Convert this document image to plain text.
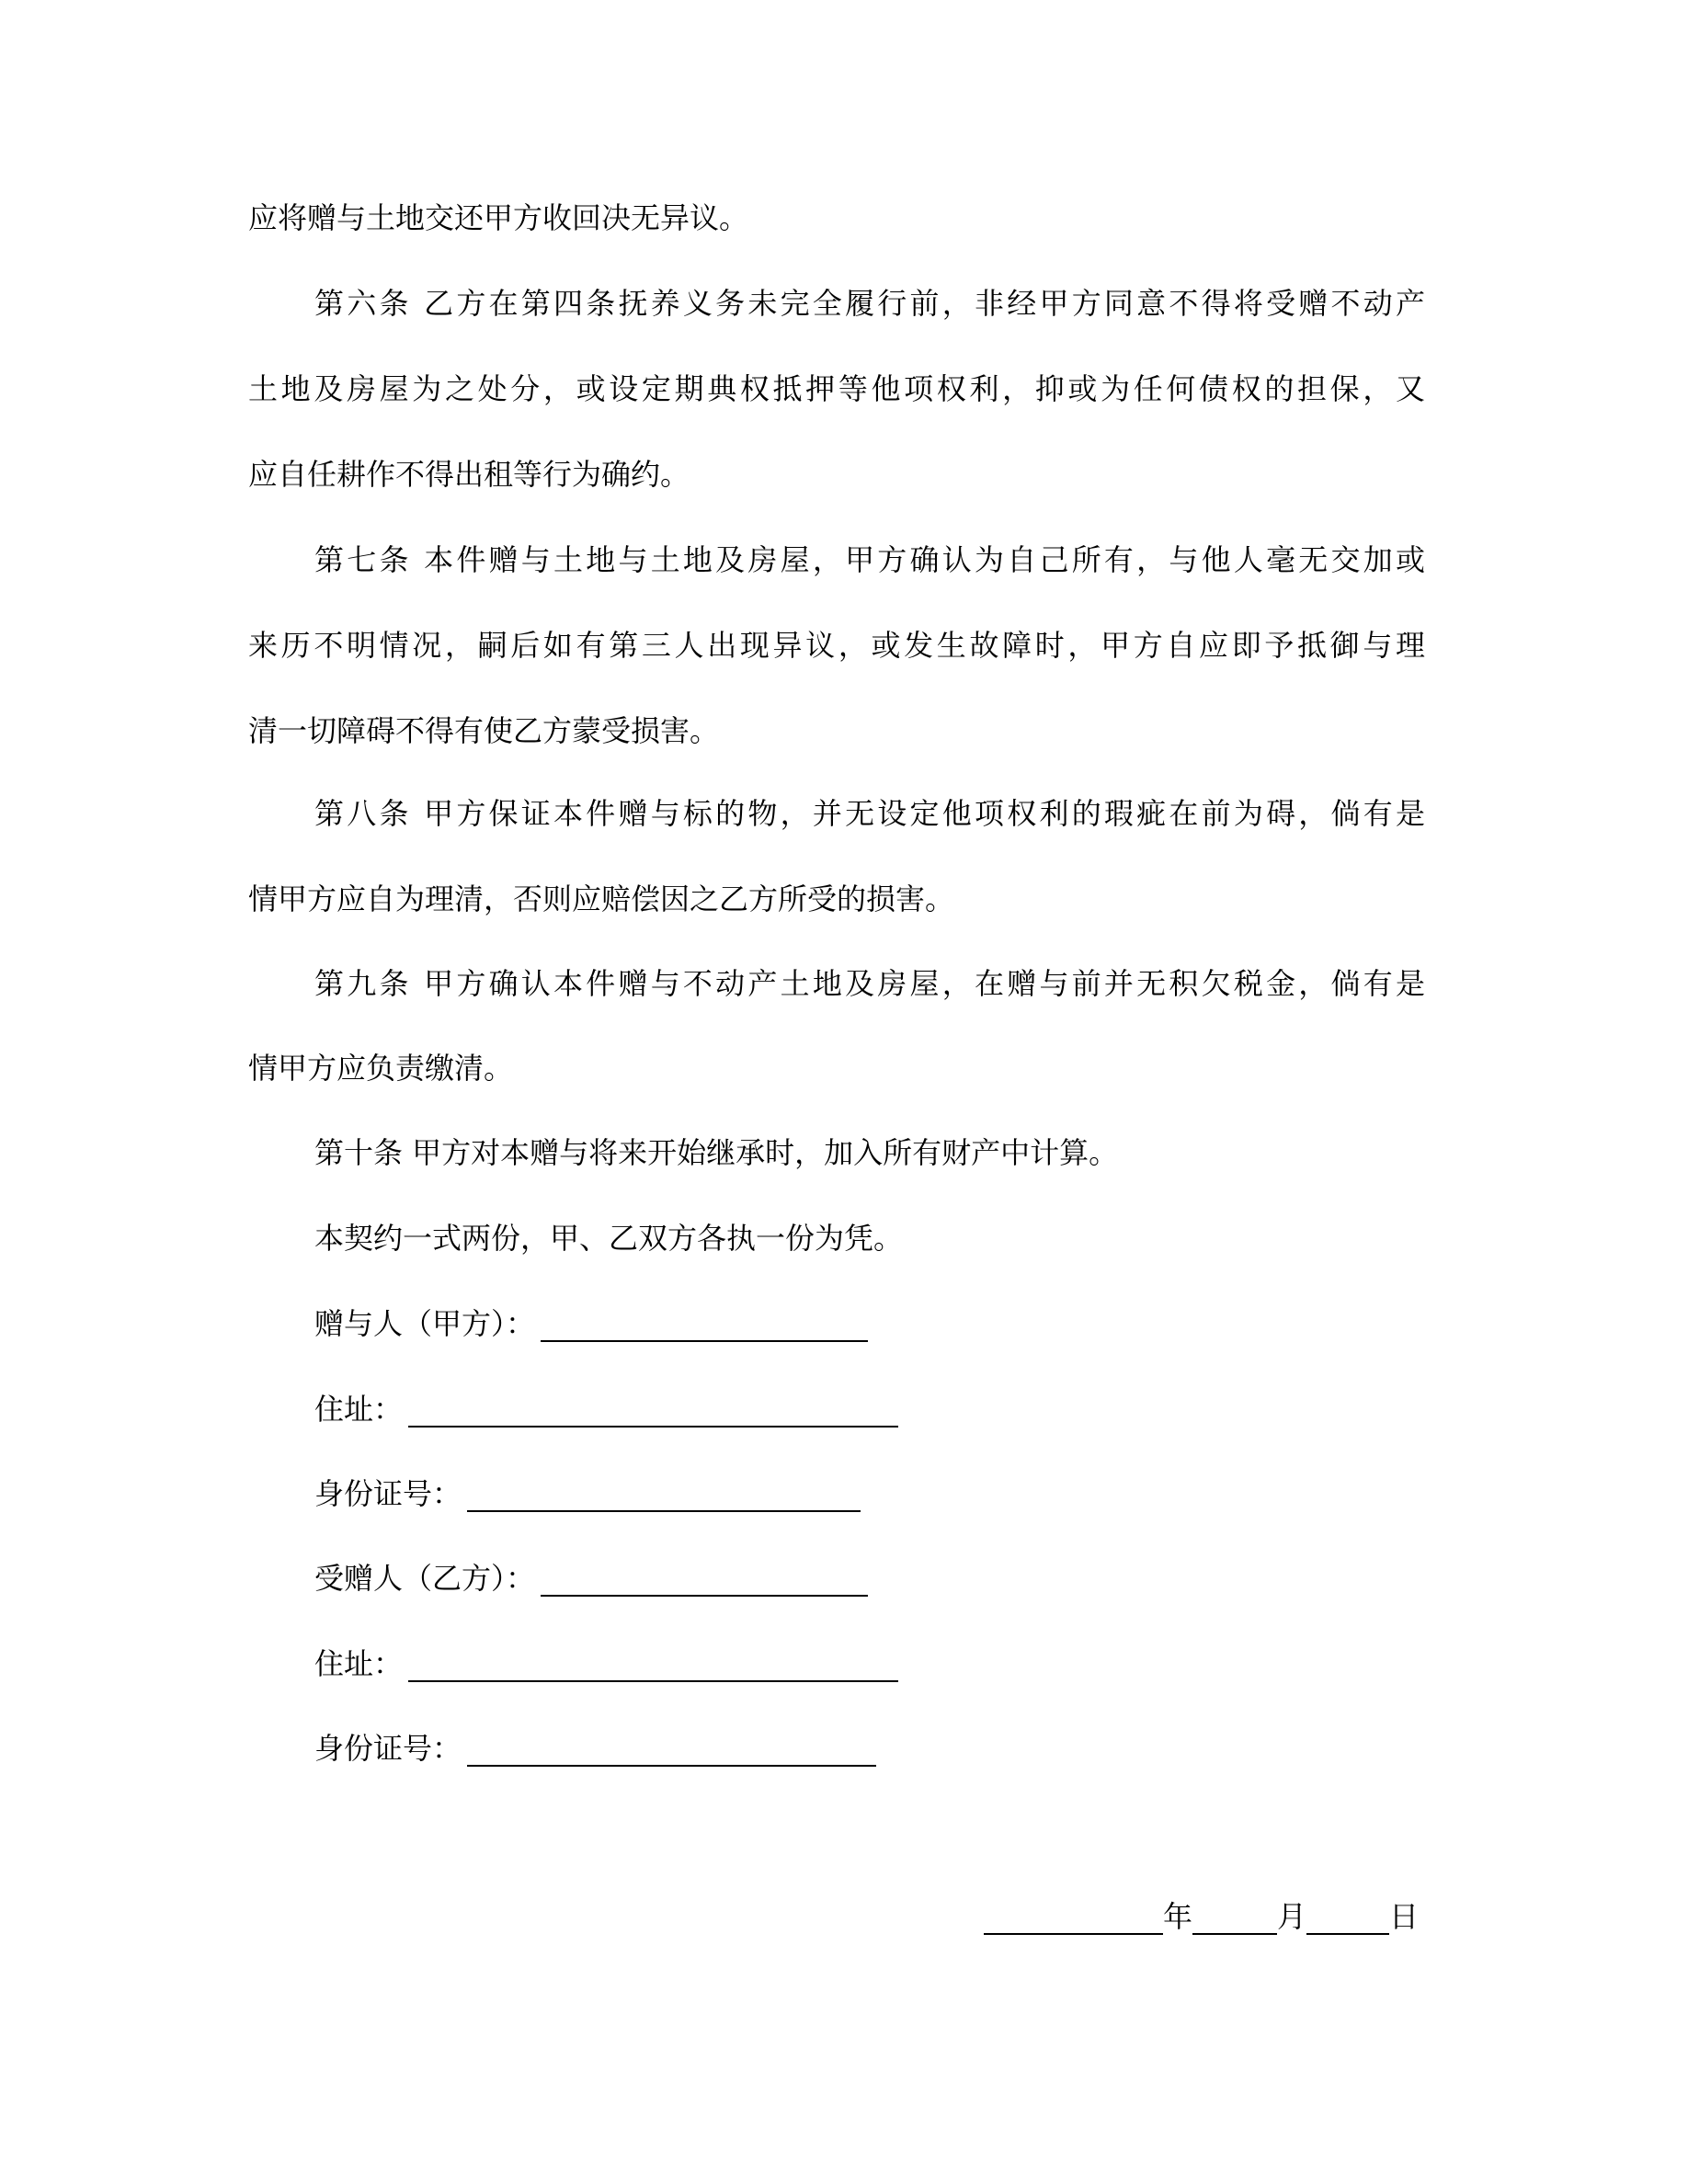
应将赠与土地交还甲方收回决无异议。
第六条 乙方在第四条抚养义务未完全履行前，非经甲方同意不得将受赠不动产
土地及房屋为之处分，或设定期典权抵押等他项权利，抑或为任何债权的担保，又
应自任耕作不得出租等行为确约。
第七条 本件赠与土地与土地及房屋，甲方确认为自己所有，与他人毫无交加或
来历不明情况，嗣后如有第三人出现异议，或发生故障时，甲方自应即予抵御与理
清一切障碍不得有使乙方蒙受损害。
第八条 甲方保证本件赠与标的物，并无设定他项权利的瑕疵在前为碍，倘有是
情甲方应自为理清，否则应赔偿因之乙方所受的损害。
第九条 甲方确认本件赠与不动产土地及房屋，在赠与前并无积欠税金，倘有是
情甲方应负责缴清。
第十条 甲方对本赠与将来开始继承时，加入所有财产中计算。
本契约一式两份，甲、乙双方各执一份为凭。
赠与人（甲方）：
住址：
身份证号：
受赠人（乙方）：
住址：
身份证号：
年	月	日
